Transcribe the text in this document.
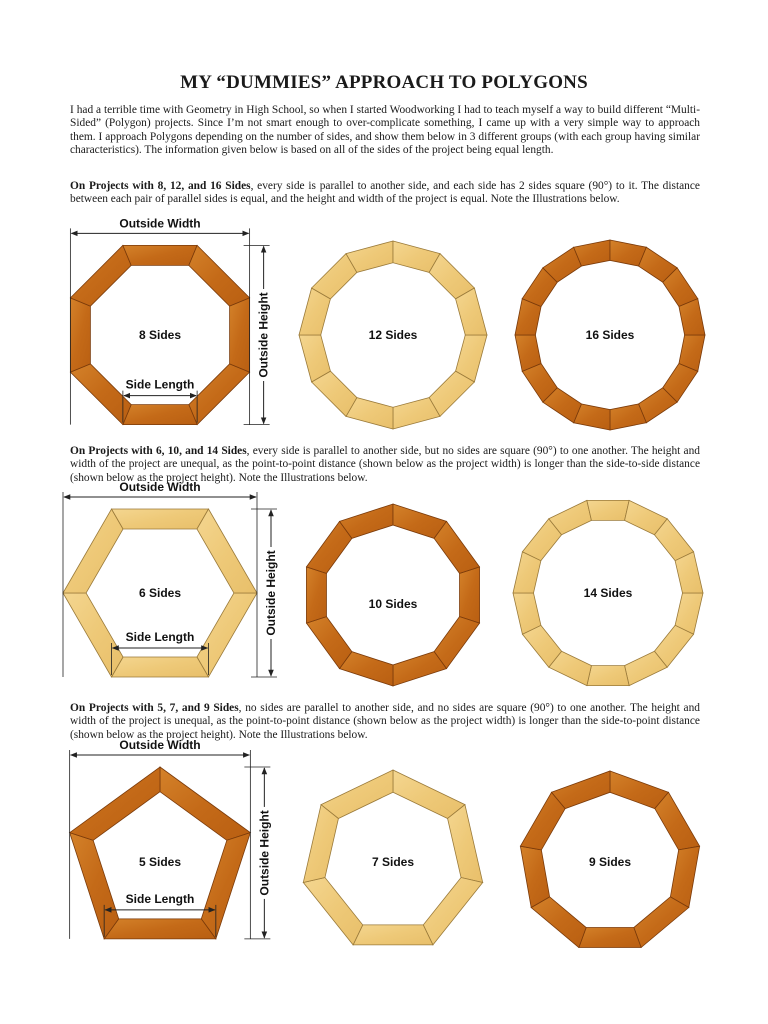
MY “DUMMIES” APPROACH TO POLYGONS

I had a terrible time with Geometry in High School, so when I started Woodworking I had to teach myself a way to build different “Multi-Sided” (Polygon) projects. Since I’m not smart enough to over-complicate something, I came up with a very simple way to approach them. I approach Polygons depending on the number of sides, and show them below in 3 different groups (with each group having similar characteristics). The information given below is based on all of the sides of the project being equal length.

On Projects with 8, 12, and 16 Sides, every side is parallel to another side, and each side has 2 sides square (90°) to it. The distance between each pair of parallel sides is equal, and the height and width of the project is equal. Note the Illustrations below.

On Projects with 6, 10, and 14 Sides, every side is parallel to another side, but no sides are square (90°) to one another. The height and width of the project are unequal, as the point-to-point distance (shown below as the project width) is longer than the side-to-side distance (shown below as the project height). Note the Illustrations below.

On Projects with 5, 7, and 9 Sides, no sides are parallel to another side, and no sides are square (90°) to one another. The height and width of the project is unequal, as the point-to-point distance (shown below as the project width) is longer than the side-to-point distance (shown below as the project height). Note the Illustrations below.

8 Sides	12 Sides	16 Sides
6 Sides
10 Sides
14 Sides
5 Sides	7 Sides	9 Sides
Outside Width
Outside Height
Side Length
Outside Width
Outside Height
Side Length
Outside Width
Outside Height
Side Length
